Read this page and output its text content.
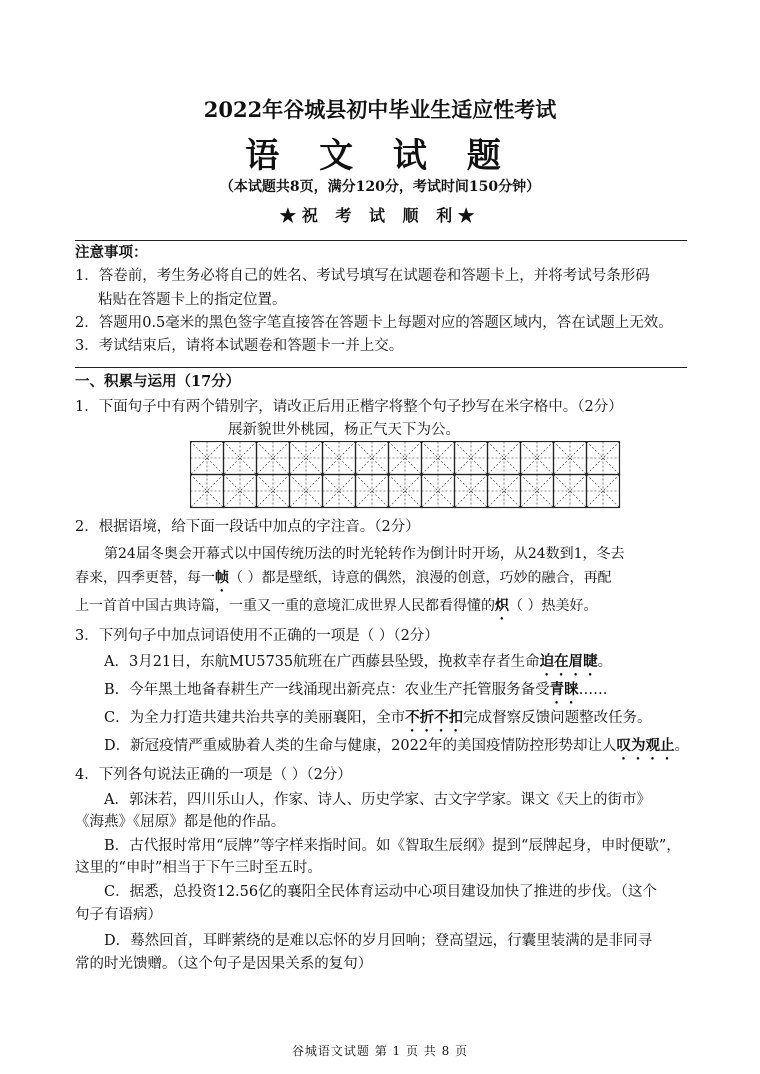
2022年谷城县初中毕业生适应性考试
语 文 试 题
（本试题共8页，满分120分，考试时间150分钟）
★祝 考 试 顺 利★
注意事项：
1．答卷前，考生务必将自己的姓名、考试号填写在试题卷和答题卡上，并将考试号条形码
粘贴在答题卡上的指定位置。
2．答题用0.5毫米的黑色签字笔直接答在答题卡上每题对应的答题区域内，答在试题上无效。
3．考试结束后，请将本试题卷和答题卡一并上交。
一、积累与运用（17分）
1．下面句子中有两个错别字，请改正后用正楷字将整个句子抄写在米字格中。（2分）
展新貌世外桃园，杨正气天下为公。
2．根据语境，给下面一段话中加点的字注音。（2分）
第24届冬奥会开幕式以中国传统历法的时光轮转作为倒计时开场，从24数到1，冬去
春来，四季更替，每一帧（ ）都是壁纸，诗意的偶然，浪漫的创意，巧妙的融合，再配
上一首首中国古典诗篇，一重又一重的意境汇成世界人民都看得懂的炽（ ）热美好。
3．下列句子中加点词语使用不正确的一项是（ ）（2分）
A．3月21日，东航MU5735航班在广西藤县坠毁，挽救幸存者生命迫在眉睫。
B．今年黑土地备春耕生产一线涌现出新亮点：农业生产托管服务备受青睐……
C．为全力打造共建共治共享的美丽襄阳，全市不折不扣完成督察反馈问题整改任务。
D．新冠疫情严重威胁着人类的生命与健康，2022年的美国疫情防控形势却让人叹为观止。
4．下列各句说法正确的一项是（ ）（2分）
A．郭沫若，四川乐山人，作家、诗人、历史学家、古文字学家。课文《天上的街市》
《海燕》《屈原》都是他的作品。
B．古代报时常用“辰牌”等字样来指时间。如《智取生辰纲》提到“辰牌起身，申时便歇”，
这里的“申时”相当于下午三时至五时。
C．据悉，总投资12.56亿的襄阳全民体育运动中心项目建设加快了推进的步伐。（这个
句子有语病）
D．蓦然回首，耳畔萦绕的是难以忘怀的岁月回响；登高望远，行囊里装满的是非同寻
常的时光馈赠。（这个句子是因果关系的复句）
谷城语文试题 第 1 页 共 8 页
